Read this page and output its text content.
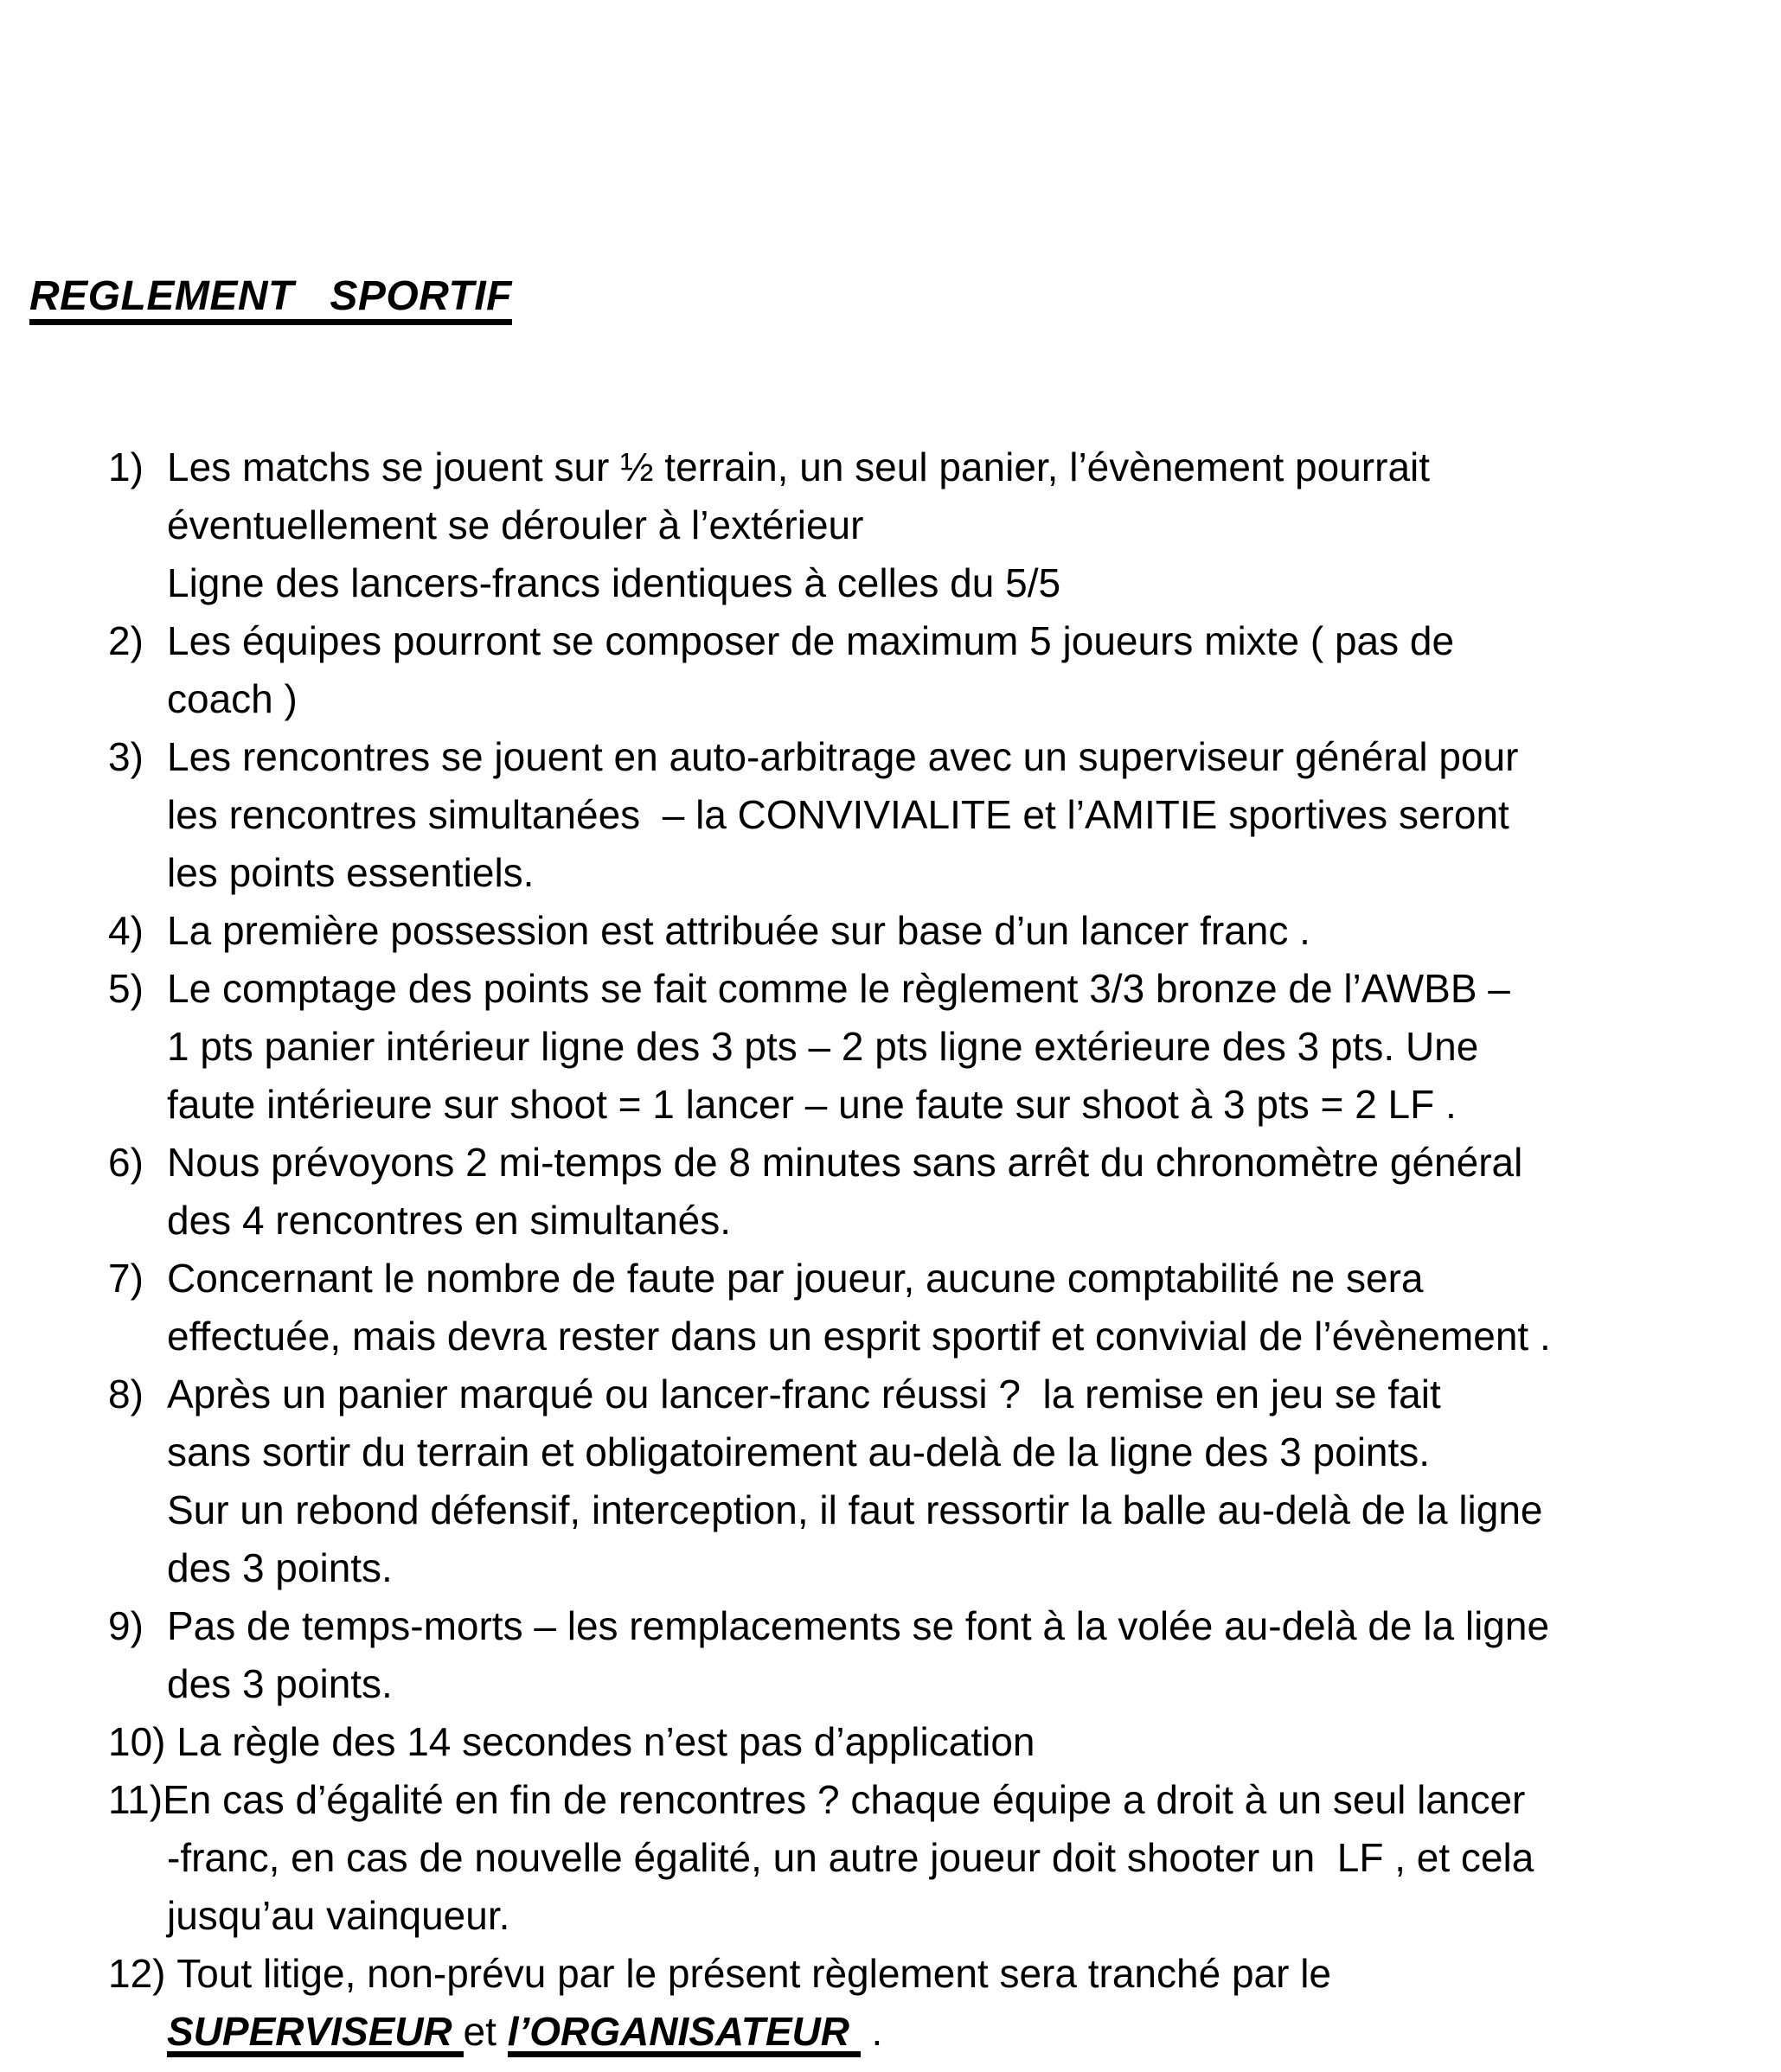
REGLEMENT   SPORTIF
1) Les matchs se jouent sur ½ terrain, un seul panier, l’évènement pourrait
éventuellement se dérouler à l’extérieur
Ligne des lancers-francs identiques à celles du 5/5
2) Les équipes pourront se composer de maximum 5 joueurs mixte ( pas de
coach )
3) Les rencontres se jouent en auto-arbitrage avec un superviseur général pour
les rencontres simultanées  – la CONVIVIALITE et l’AMITIE sportives seront
les points essentiels.
4) La première possession est attribuée sur base d’un lancer franc .
5) Le comptage des points se fait comme le règlement 3/3 bronze de l’AWBB –
1 pts panier intérieur ligne des 3 pts – 2 pts ligne extérieure des 3 pts. Une
faute intérieure sur shoot = 1 lancer – une faute sur shoot à 3 pts = 2 LF .
6) Nous prévoyons 2 mi-temps de 8 minutes sans arrêt du chronomètre général
des 4 rencontres en simultanés.
7) Concernant le nombre de faute par joueur, aucune comptabilité ne sera
effectuée, mais devra rester dans un esprit sportif et convivial de l’évènement .
8) Après un panier marqué ou lancer-franc réussi ?  la remise en jeu se fait
sans sortir du terrain et obligatoirement au-delà de la ligne des 3 points.
Sur un rebond défensif, interception, il faut ressortir la balle au-delà de la ligne
des 3 points.
9) Pas de temps-morts – les remplacements se font à la volée au-delà de la ligne
des 3 points.
10) La règle des 14 secondes n’est pas d’application
11)En cas d’égalité en fin de rencontres ? chaque équipe a droit à un seul lancer
-franc, en cas de nouvelle égalité, un autre joueur doit shooter un  LF , et cela
jusqu’au vainqueur.
12) Tout litige, non-prévu par le présent règlement sera tranché par le
SUPERVISEUR et l’ORGANISATEUR  .
